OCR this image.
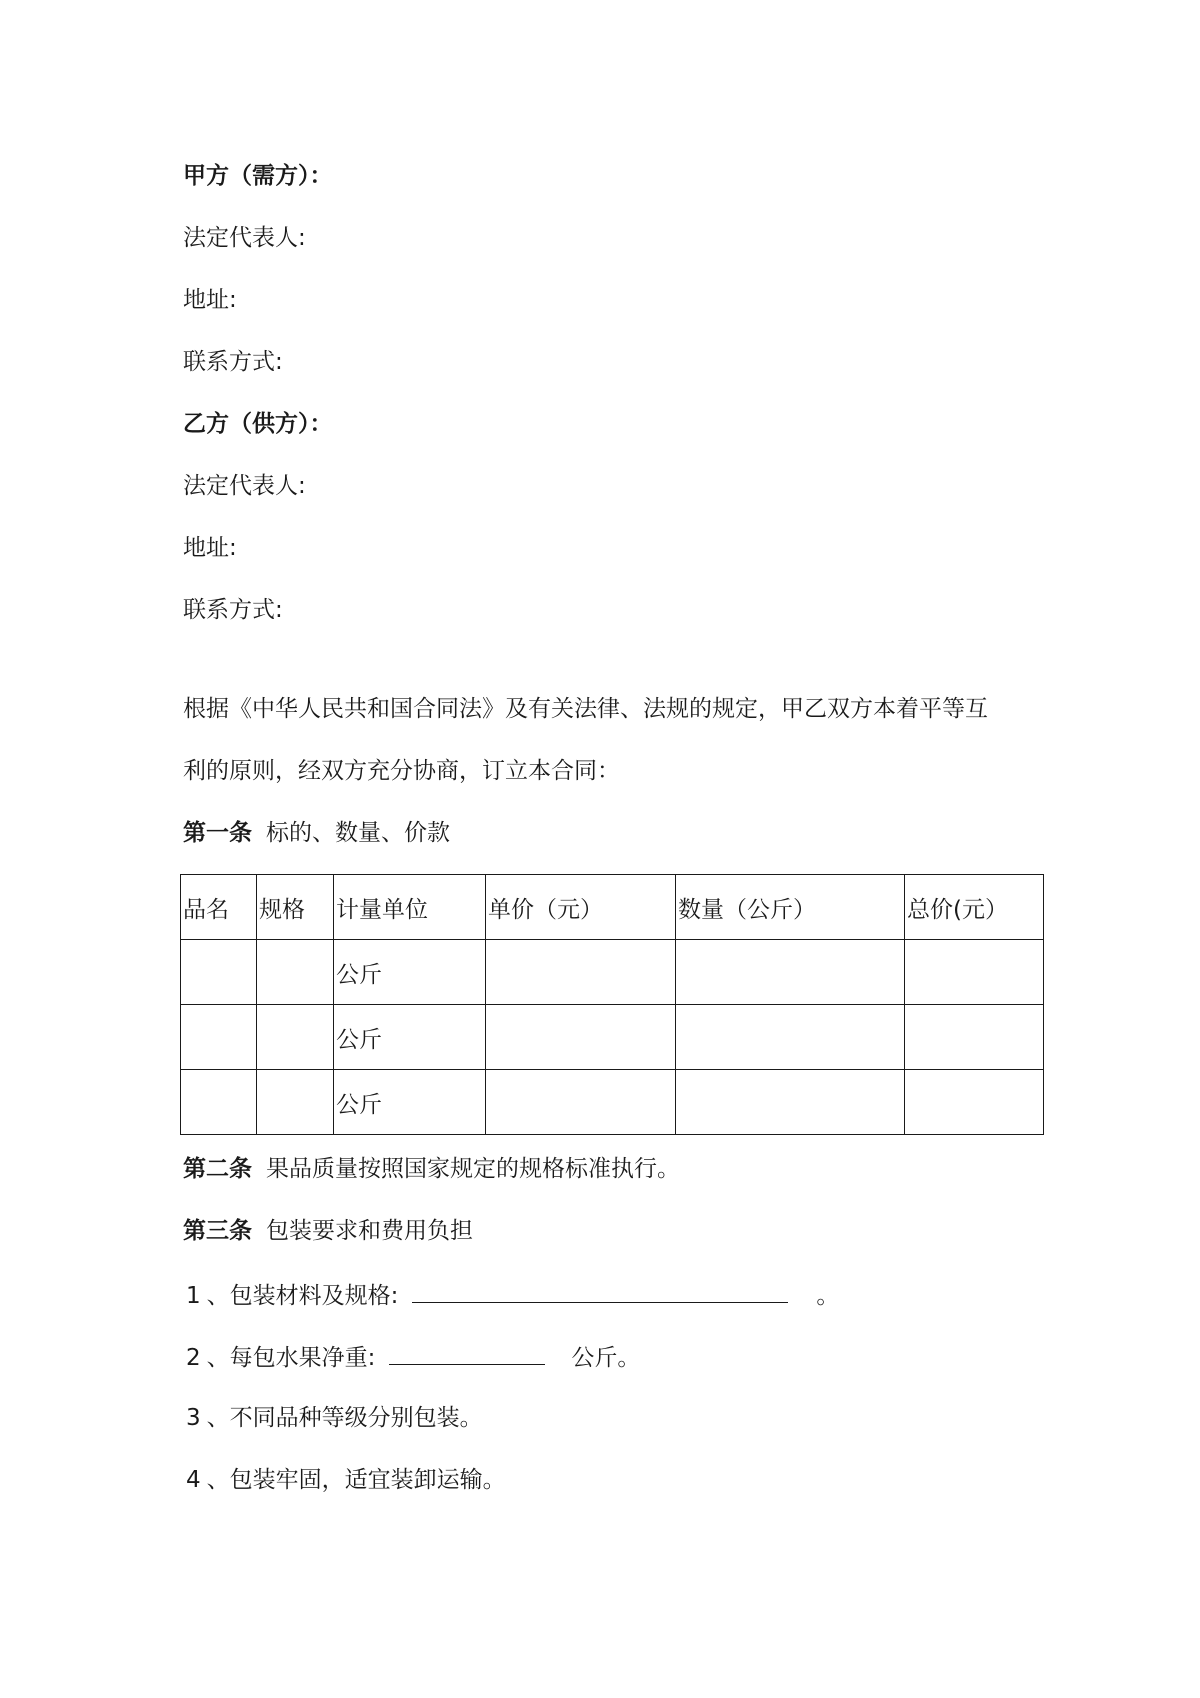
甲方（需方）：
法定代表人:
地址:
联系方式:
乙方（供方）：
法定代表人:
地址:
联系方式:
根据《中华人民共和国合同法》及有关法律、法规的规定，甲乙双方本着平等互
利的原则，经双方充分协商，订立本合同：
第一条 标的、数量、价款
品名	规格	计量单位	单价（元）	数量（公斤）	总价(元）
		公斤			
		公斤			
		公斤			
第二条 果品质量按照国家规定的规格标准执行。
第三条 包装要求和费用负担
1 、包装材料及规格:	。
2 、每包水果净重:	公斤。
3 、不同品种等级分别包装。
4 、包装牢固，适宜装卸运输。
